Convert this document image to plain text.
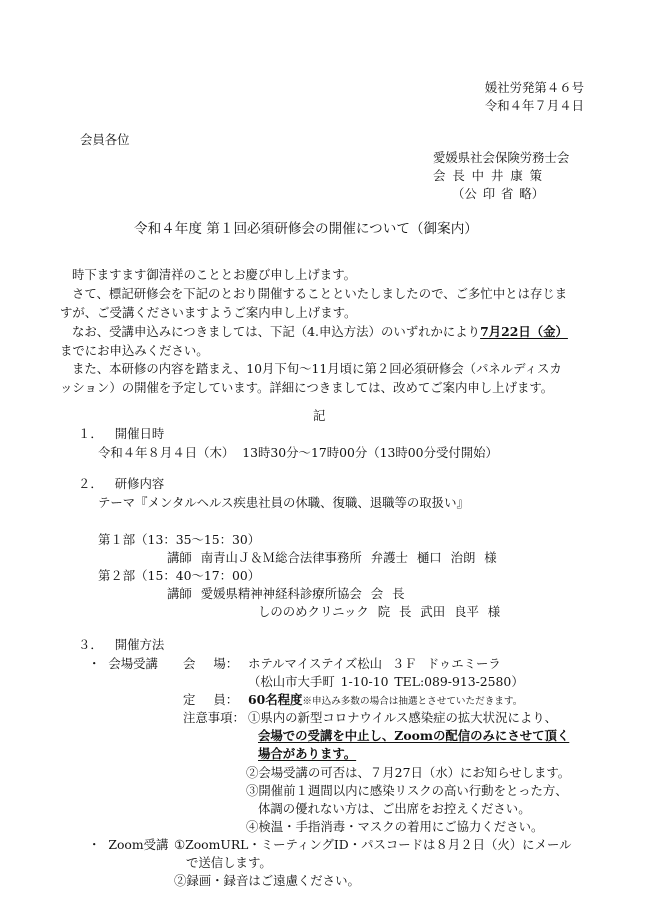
媛社労発第４６号
令和４年７月４日
会員各位
愛媛県社会保険労務士会
会 長 中 井 康 策
（公 印 省 略）
令和４年度 第１回必須研修会の開催について（御案内）
時下ますます御清祥のこととお慶び申し上げます。
さて、標記研修会を下記のとおり開催することといたしましたので、ご多忙中とは存じま
すが、ご受講くださいますようご案内申し上げます。
なお、受講申込みにつきましては、下記（4.申込方法）のいずれかにより7月22日（金）
までにお申込みください。
また、本研修の内容を踏まえ、10月下旬～11月頃に第２回必須研修会（パネルディスカ
ッション）の開催を予定しています。詳細につきましては、改めてご案内申し上げます。
記
１． 開催日時
令和４年８月４日（木） 13時30分～17時00分（13時00分受付開始）
２． 研修内容
テーマ『メンタルヘルス疾患社員の休職、復職、退職等の取扱い』
第１部（13：35～15：30）
講師 南青山Ｊ＆Ｍ総合法律事務所 弁護士 樋口 治朗 様
第２部（15：40～17：00）
講師 愛媛県精神神経科診療所協会 会 長
しののめクリニック 院 長 武田 良平 様
３． 開催方法
・ 会場受講 会 場： ホテルマイステイズ松山 ３Ｆ ドゥエミーラ
（松山市大手町 1-10-10 TEL:089-913-2580）
定 員： 60名程度※申込み多数の場合は抽選とさせていただきます。
注意事項： ①県内の新型コロナウイルス感染症の拡大状況により、
会場での受講を中止し、Zoomの配信のみにさせて頂く
場合があります。
②会場受講の可否は、７月27日（水）にお知らせします。
③開催前１週間以内に感染リスクの高い行動をとった方、
体調の優れない方は、ご出席をお控えください。
④検温・手指消毒・マスクの着用にご協力ください。
・ Zoom受講 ①ZoomURL・ミーティングID・パスコードは８月２日（火）にメール
で送信します。
②録画・録音はご遠慮ください。
